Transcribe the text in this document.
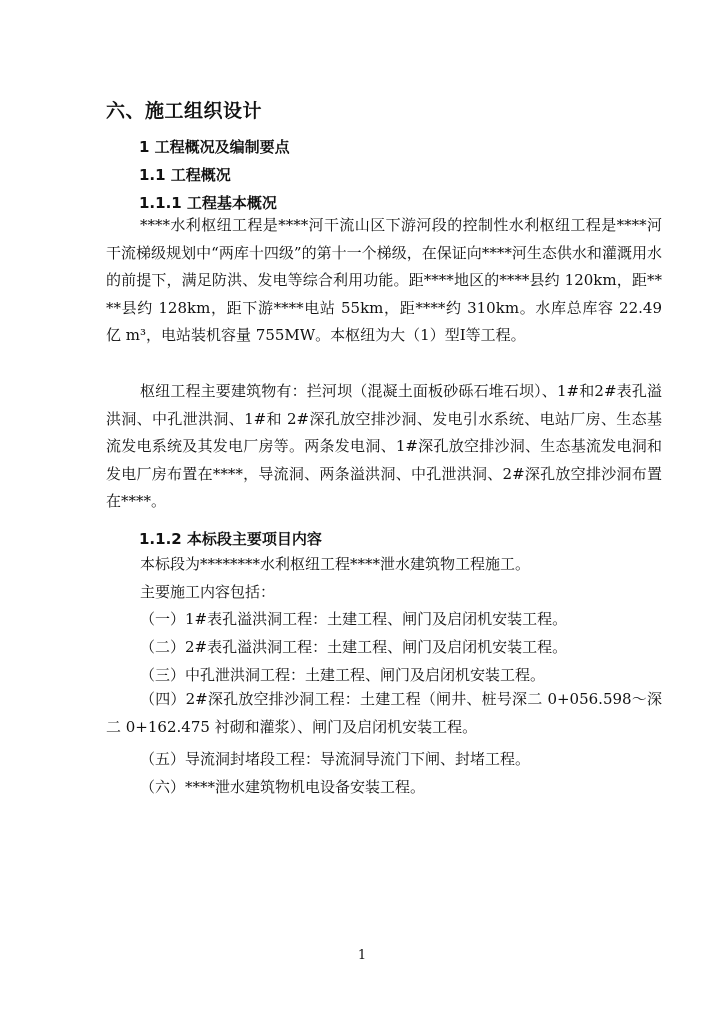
六、施工组织设计
1 工程概况及编制要点
1.1 工程概况
1.1.1 工程基本概况
****水利枢纽工程是****河干流山区下游河段的控制性水利枢纽工程是****河干流梯级规划中“两库十四级”的第十一个梯级，在保证向****河生态供水和灌溉用水的前提下，满足防洪、发电等综合利用功能。距****地区的****县约 120km，距****县约 128km，距下游****电站 55km，距****约 310km。水库总库容 22.49 亿 m³，电站装机容量 755MW。本枢纽为大（1）型Ⅰ等工程。
枢纽工程主要建筑物有：拦河坝（混凝土面板砂砾石堆石坝）、1#和2#表孔溢洪洞、中孔泄洪洞、1#和 2#深孔放空排沙洞、发电引水系统、电站厂房、生态基流发电系统及其发电厂房等。两条发电洞、1#深孔放空排沙洞、生态基流发电洞和发电厂房布置在****，导流洞、两条溢洪洞、中孔泄洪洞、2#深孔放空排沙洞布置在****。
1.1.2 本标段主要项目内容
本标段为********水利枢纽工程****泄水建筑物工程施工。
主要施工内容包括：
（一）1#表孔溢洪洞工程：土建工程、闸门及启闭机安装工程。
（二）2#表孔溢洪洞工程：土建工程、闸门及启闭机安装工程。
（三）中孔泄洪洞工程：土建工程、闸门及启闭机安装工程。
（四）2#深孔放空排沙洞工程：土建工程（闸井、桩号深二 0+056.598～深二 0+162.475 衬砌和灌浆）、闸门及启闭机安装工程。
（五）导流洞封堵段工程：导流洞导流门下闸、封堵工程。
（六）****泄水建筑物机电设备安装工程。
1
